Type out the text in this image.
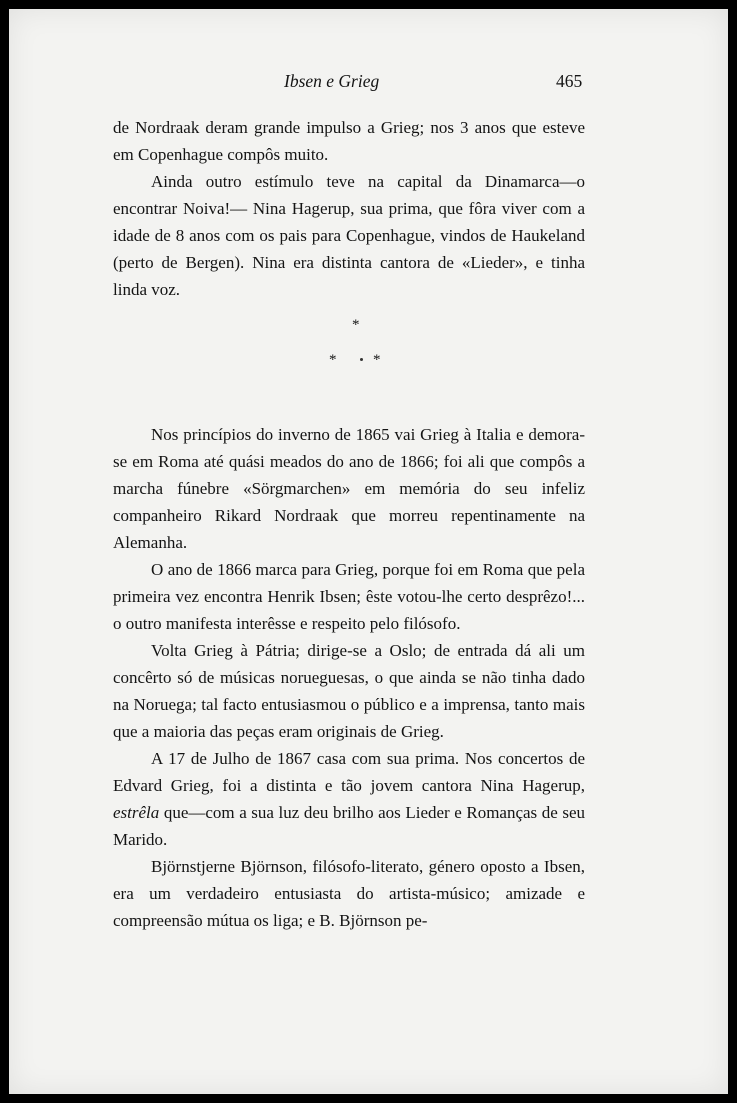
Ibsen e Grieg	465

de Nordraak deram grande impulso a Grieg; nos 3 anos que esteve em Copenhague compôs muito.

Ainda outro estímulo teve na capital da Dinamarca—o encontrar Noiva!— Nina Hagerup, sua prima, que fôra viver com a idade de 8 anos com os pais para Copenhague, vindos de Haukeland (perto de Bergen). Nina era distinta cantora de «Lieder», e tinha linda voz.

*
* *

Nos princípios do inverno de 1865 vai Grieg à Italia e demora-se em Roma até quási meados do ano de 1866; foi ali que compôs a marcha fúnebre «Sörgmarchen» em memória do seu infeliz companheiro Rikard Nordraak que morreu repentinamente na Alemanha.

O ano de 1866 marca para Grieg, porque foi em Roma que pela primeira vez encontra Henrik Ibsen; êste votou-lhe certo desprêzo!... o outro manifesta interêsse e respeito pelo filósofo.

Volta Grieg à Pátria; dirige-se a Oslo; de entrada dá ali um concêrto só de músicas norueguesas, o que ainda se não tinha dado na Noruega; tal facto entusiasmou o público e a imprensa, tanto mais que a maioria das peças eram originais de Grieg.

A 17 de Julho de 1867 casa com sua prima. Nos concertos de Edvard Grieg, foi a distinta e tão jovem cantora Nina Hagerup, estrêla que—com a sua luz deu brilho aos Lieder e Romanças de seu Marido.

Björnstjerne Björnson, filósofo-literato, género oposto a Ibsen, era um verdadeiro entusiasta do artista-músico; amizade e compreensão mútua os liga; e B. Björnson pe-
